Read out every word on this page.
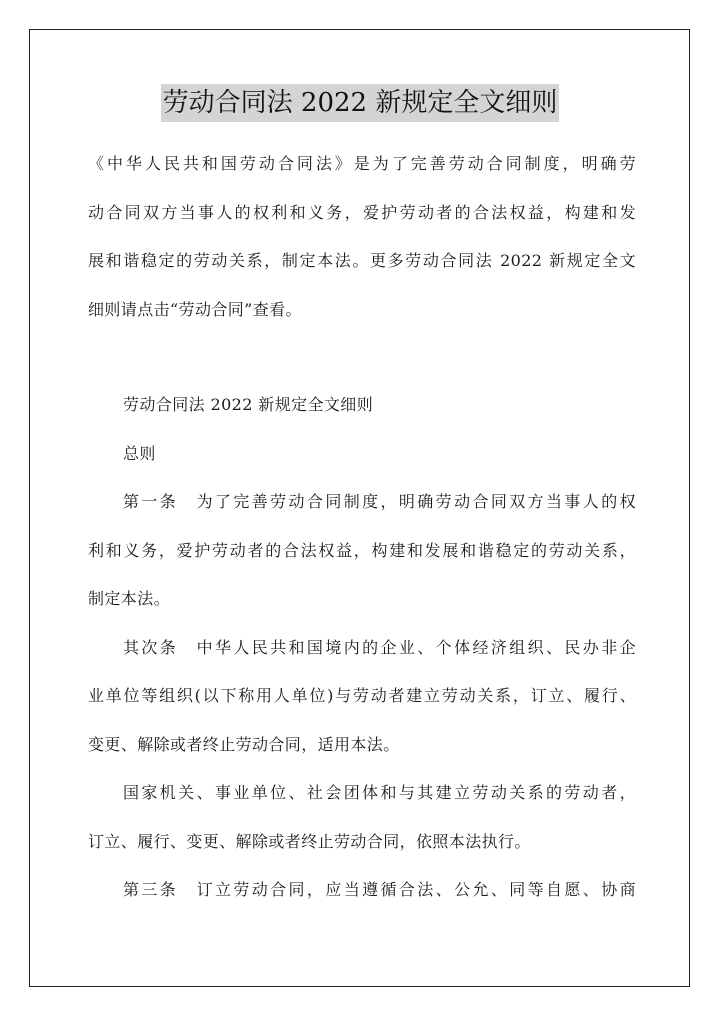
劳动合同法 2022 新规定全文细则
《中华人民共和国劳动合同法》是为了完善劳动合同制度，明确劳
动合同双方当事人的权利和义务，爱护劳动者的合法权益，构建和发
展和谐稳定的劳动关系，制定本法。更多劳动合同法 2022 新规定全文
细则请点击“劳动合同”查看。
劳动合同法 2022 新规定全文细则
总则
第一条　为了完善劳动合同制度，明确劳动合同双方当事人的权
利和义务，爱护劳动者的合法权益，构建和发展和谐稳定的劳动关系，
制定本法。
其次条　中华人民共和国境内的企业、个体经济组织、民办非企
业单位等组织(以下称用人单位)与劳动者建立劳动关系，订立、履行、
变更、解除或者终止劳动合同，适用本法。
国家机关、事业单位、社会团体和与其建立劳动关系的劳动者，
订立、履行、变更、解除或者终止劳动合同，依照本法执行。
第三条　订立劳动合同，应当遵循合法、公允、同等自愿、协商
